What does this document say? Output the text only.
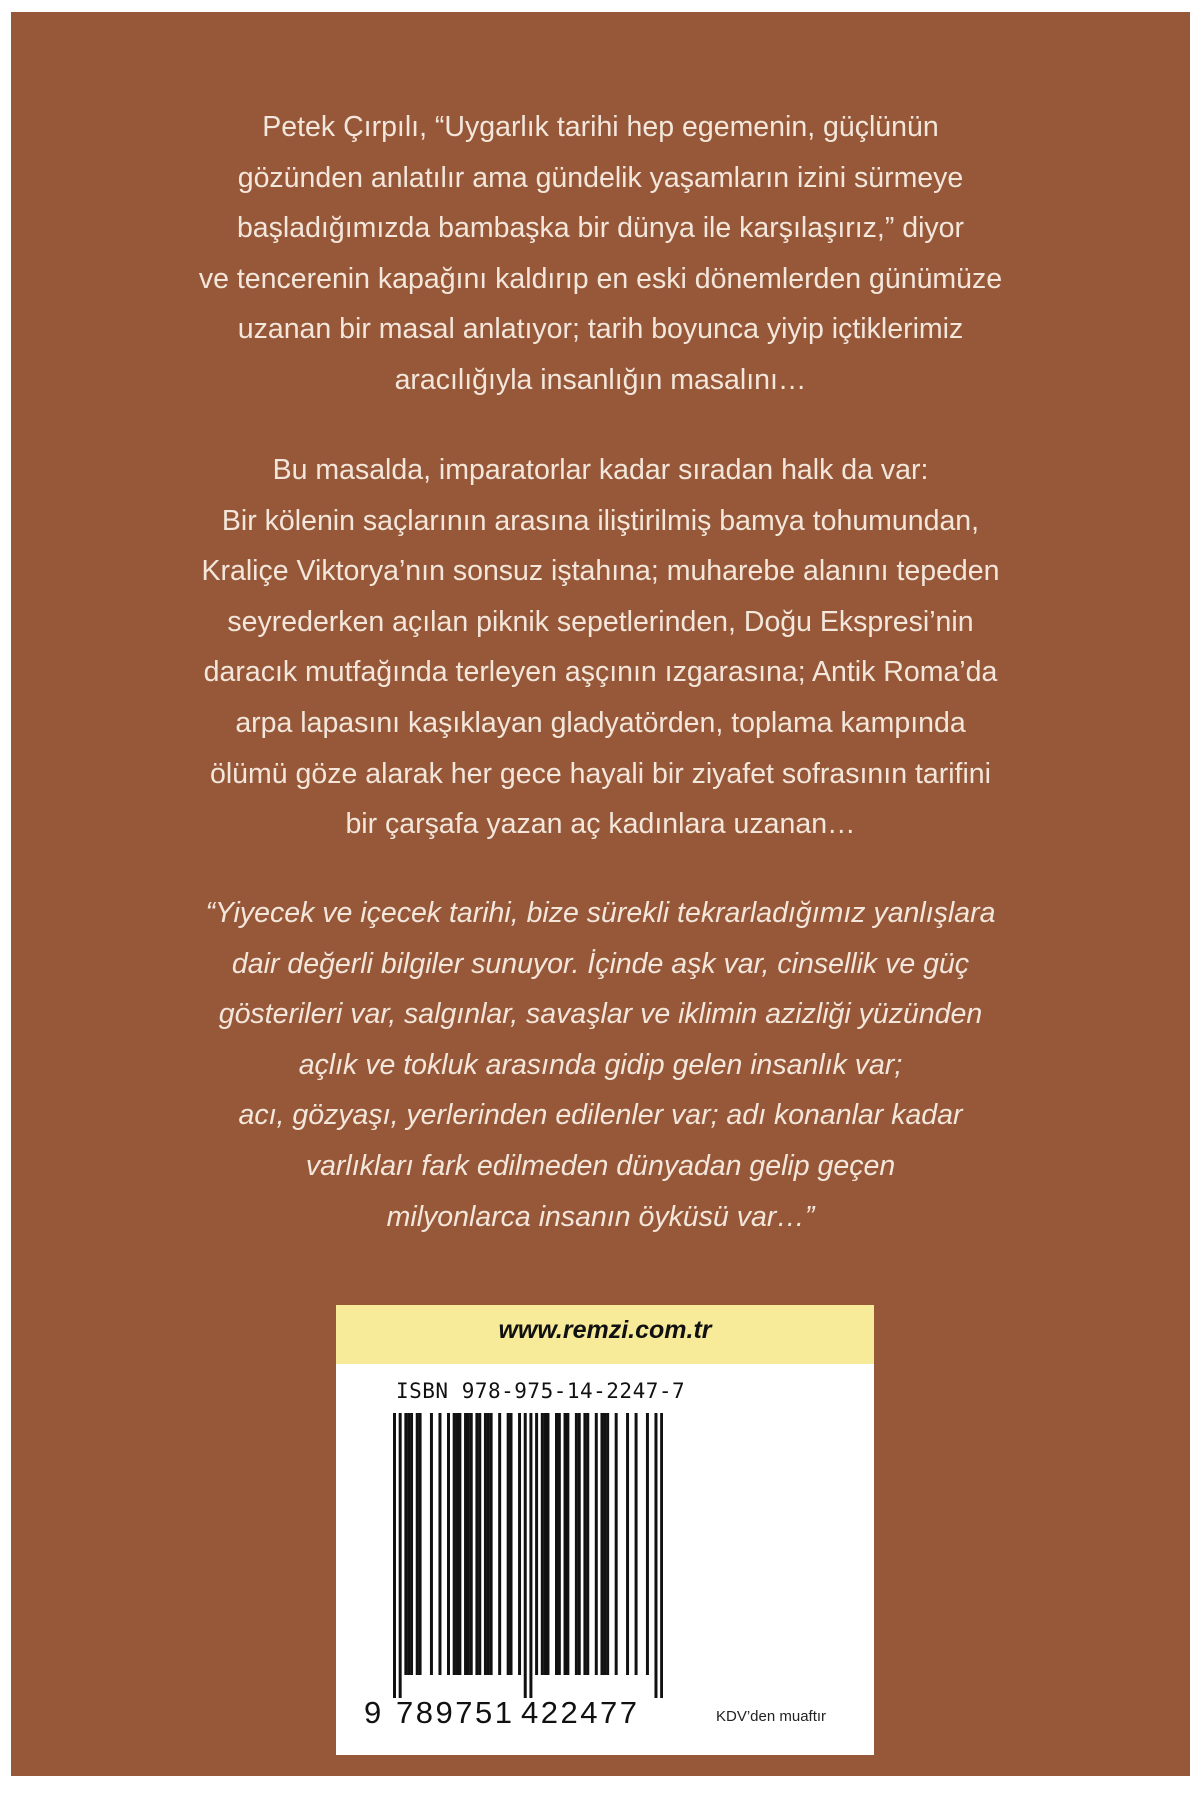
Petek Çırpılı, “Uygarlık tarihi hep egemenin, güçlünün
gözünden anlatılır ama gündelik yaşamların izini sürmeye
başladığımızda bambaşka bir dünya ile karşılaşırız,” diyor
ve tencerenin kapağını kaldırıp en eski dönemlerden günümüze
uzanan bir masal anlatıyor; tarih boyunca yiyip içtiklerimiz
aracılığıyla insanlığın masalını…
Bu masalda, imparatorlar kadar sıradan halk da var:
Bir kölenin saçlarının arasına iliştirilmiş bamya tohumundan,
Kraliçe Viktorya’nın sonsuz iştahına; muharebe alanını tepeden
seyrederken açılan piknik sepetlerinden, Doğu Ekspresi’nin
daracık mutfağında terleyen aşçının ızgarasına; Antik Roma’da
arpa lapasını kaşıklayan gladyatörden, toplama kampında
ölümü göze alarak her gece hayali bir ziyafet sofrasının tarifini
bir çarşafa yazan aç kadınlara uzanan…
“Yiyecek ve içecek tarihi, bize sürekli tekrarladığımız yanlışlara
dair değerli bilgiler sunuyor. İçinde aşk var, cinsellik ve güç
gösterileri var, salgınlar, savaşlar ve iklimin azizliği yüzünden
açlık ve tokluk arasında gidip gelen insanlık var;
acı, gözyaşı, yerlerinden edilenler var; adı konanlar kadar
varlıkları fark edilmeden dünyadan gelip geçen
milyonlarca insanın öyküsü var…”
www.remzi.com.tr
ISBN 978-975-14-2247-7
9 789751 422477	KDV’den muaftır
